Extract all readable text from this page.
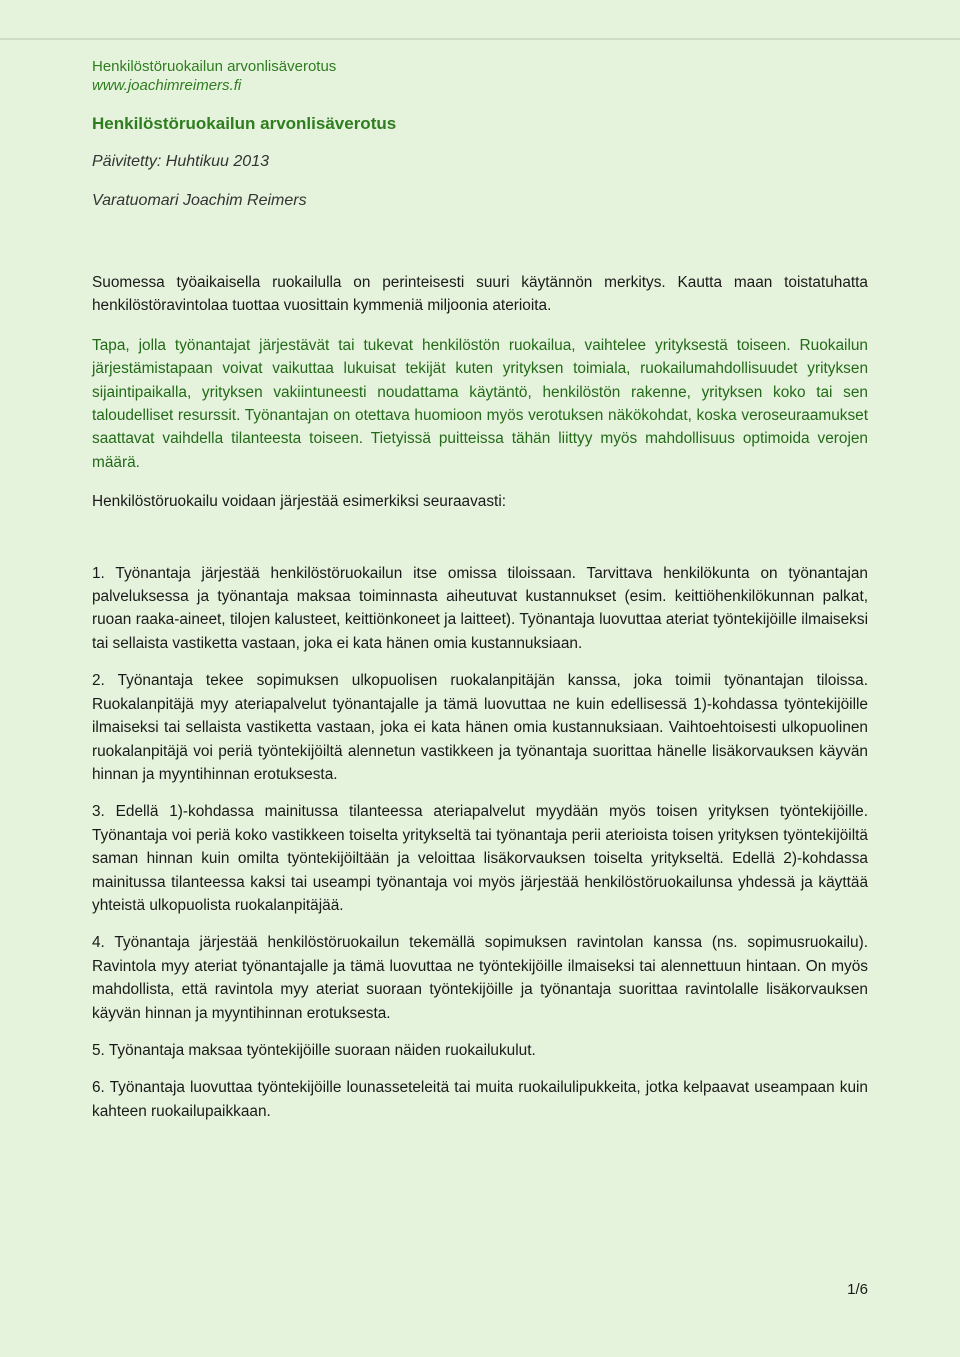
Henkilöstöruokailun arvonlisäverotus
www.joachimreimers.fi
Henkilöstöruokailun arvonlisäverotus
Päivitetty: Huhtikuu 2013
Varatuomari Joachim Reimers

Suomessa työaikaisella ruokailulla on perinteisesti suuri käytännön merkitys. Kautta maan toistatuhatta henkilöstöravintolaa tuottaa vuosittain kymmeniä miljoonia aterioita.

Tapa, jolla työnantajat järjestävät tai tukevat henkilöstön ruokailua, vaihtelee yrityksestä toiseen. Ruokailun järjestämistapaan voivat vaikuttaa lukuisat tekijät kuten yrityksen toimiala, ruokailumahdollisuudet yrityksen sijaintipaikalla, yrityksen vakiintuneesti noudattama käytäntö, henkilöstön rakenne, yrityksen koko tai sen taloudelliset resurssit. Työnantajan on otettava huomioon myös verotuksen näkökohdat, koska veroseuraamukset saattavat vaihdella tilanteesta toiseen. Tietyissä puitteissa tähän liittyy myös mahdollisuus optimoida verojen määrä.

Henkilöstöruokailu voidaan järjestää esimerkiksi seuraavasti:

1. Työnantaja järjestää henkilöstöruokailun itse omissa tiloissaan. Tarvittava henkilökunta on työnantajan palveluksessa ja työnantaja maksaa toiminnasta aiheutuvat kustannukset (esim. keittiöhenkilökunnan palkat, ruoan raaka-aineet, tilojen kalusteet, keittiönkoneet ja laitteet). Työnantaja luovuttaa ateriat työntekijöille ilmaiseksi tai sellaista vastiketta vastaan, joka ei kata hänen omia kustannuksiaan.

2. Työnantaja tekee sopimuksen ulkopuolisen ruokalanpitäjän kanssa, joka toimii työnantajan tiloissa. Ruokalanpitäjä myy ateriapalvelut työnantajalle ja tämä luovuttaa ne kuin edellisessä 1)-kohdassa työntekijöille ilmaiseksi tai sellaista vastiketta vastaan, joka ei kata hänen omia kustannuksiaan. Vaihtoehtoisesti ulkopuolinen ruokalanpitäjä voi periä työntekijöiltä alennetun vastikkeen ja työnantaja suorittaa hänelle lisäkorvauksen käyvän hinnan ja myyntihinnan erotuksesta.

3. Edellä 1)-kohdassa mainitussa tilanteessa ateriapalvelut myydään myös toisen yrityksen työntekijöille. Työnantaja voi periä koko vastikkeen toiselta yritykseltä tai työnantaja perii aterioista toisen yrityksen työntekijöiltä saman hinnan kuin omilta työntekijöiltään ja veloittaa lisäkorvauksen toiselta yritykseltä. Edellä 2)-kohdassa mainitussa tilanteessa kaksi tai useampi työnantaja voi myös järjestää henkilöstöruokailunsa yhdessä ja käyttää yhteistä ulkopuolista ruokalanpitäjää.

4. Työnantaja järjestää henkilöstöruokailun tekemällä sopimuksen ravintolan kanssa (ns. sopimusruokailu). Ravintola myy ateriat työnantajalle ja tämä luovuttaa ne työntekijöille ilmaiseksi tai alennettuun hintaan. On myös mahdollista, että ravintola myy ateriat suoraan työntekijöille ja työnantaja suorittaa ravintolalle lisäkorvauksen käyvän hinnan ja myyntihinnan erotuksesta.

5. Työnantaja maksaa työntekijöille suoraan näiden ruokailukulut.

6. Työnantaja luovuttaa työntekijöille lounasseteleitä tai muita ruokailulipukkeita, jotka kelpaavat useampaan kuin kahteen ruokailupaikkaan.

1/6
